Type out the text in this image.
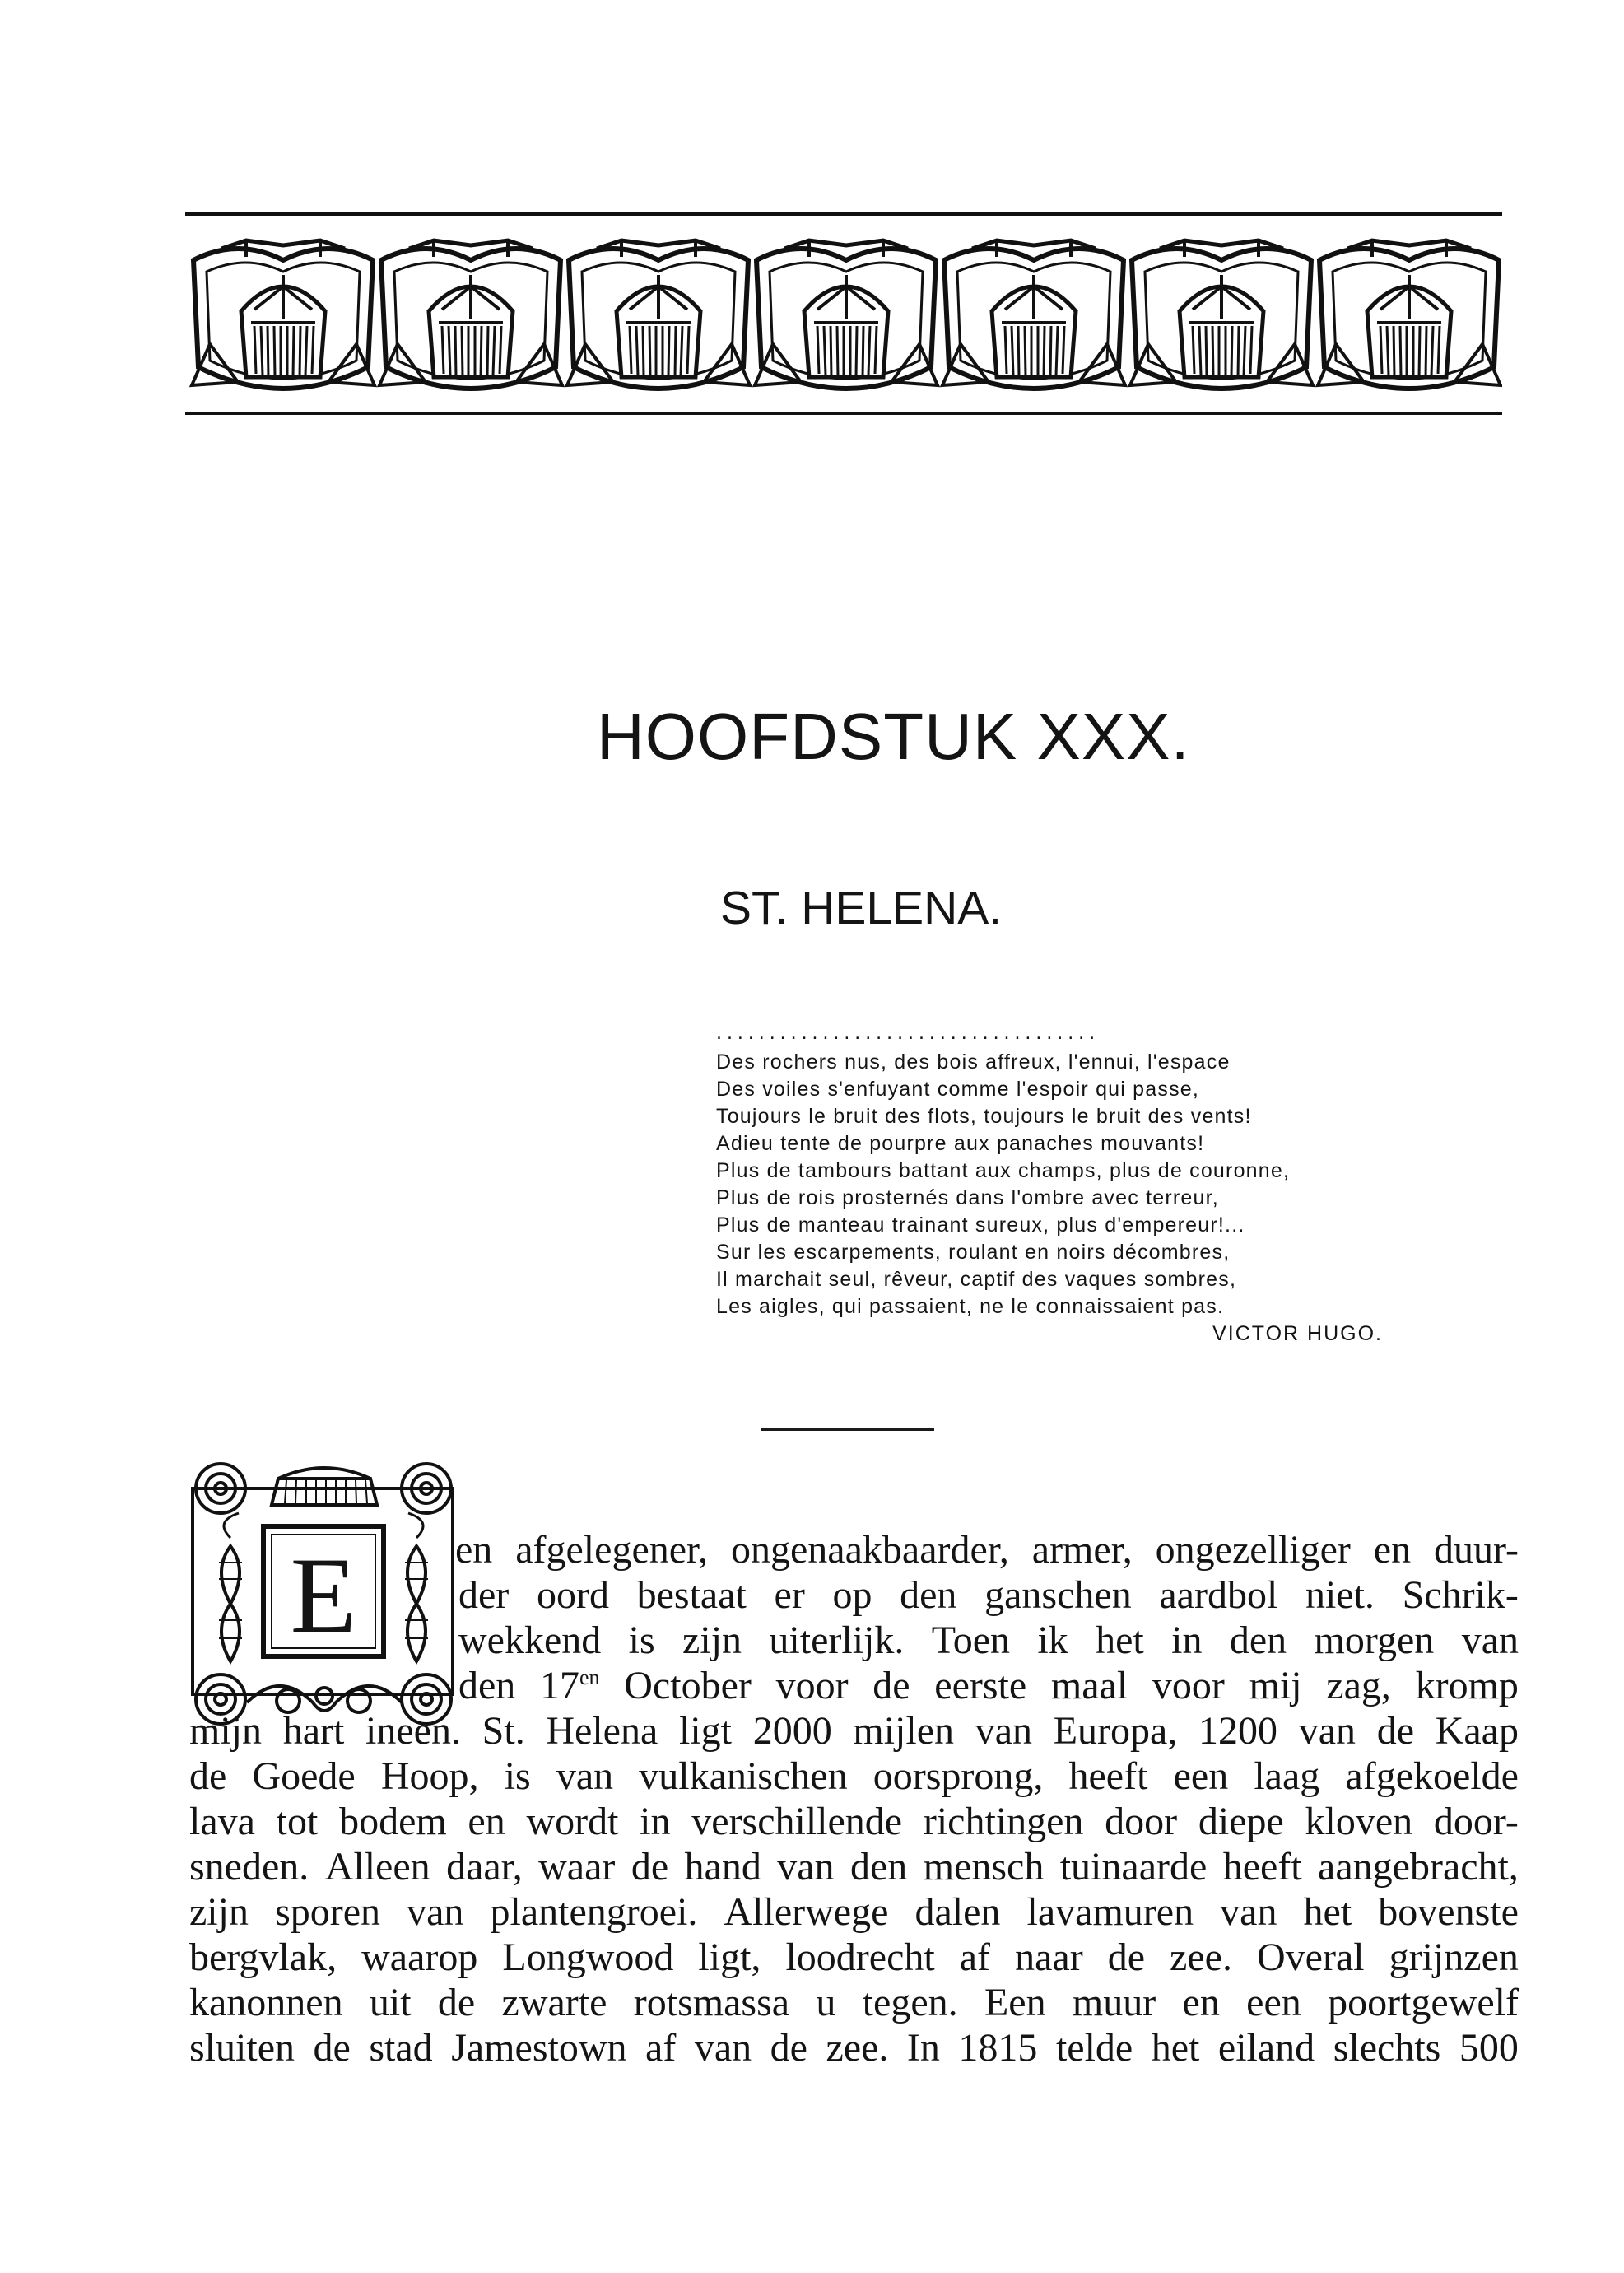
HOOFDSTUK XXX.
ST. HELENA.
....................................
Des rochers nus, des bois affreux, l'ennui, l'espace
Des voiles s'enfuyant comme l'espoir qui passe,
Toujours le bruit des flots, toujours le bruit des vents!
Adieu tente de pourpre aux panaches mouvants!
Plus de tambours battant aux champs, plus de couronne,
Plus de rois prosternés dans l'ombre avec terreur,
Plus de manteau trainant sureux, plus d'empereur!...
Sur les escarpements, roulant en noirs décombres,
Il marchait seul, rêveur, captif des vaques sombres,
Les aigles, qui passaient, ne le connaissaient pas.
VICTOR HUGO.
E	en afgelegener, ongenaakbaarder, armer, ongezelliger en duur-
der oord bestaat er op den ganschen aardbol niet. Schrik-
wekkend is zijn uiterlijk. Toen ik het in den morgen van
den $17^{en}$ October voor de eerste maal voor mij zag, kromp
mijn hart ineen. St. Helena ligt 2000 mijlen van Europa, 1200 van de Kaap
de Goede Hoop, is van vulkanischen oorsprong, heeft een laag afgekoelde
lava tot bodem en wordt in verschillende richtingen door diepe kloven door-
sneden. Alleen daar, waar de hand van den mensch tuinaarde heeft aangebracht,
zijn sporen van plantengroei. Allerwege dalen lavamuren van het bovenste
bergvlak, waarop Longwood ligt, loodrecht af naar de zee. Overal grijnzen
kanonnen uit de zwarte rotsmassa u tegen. Een muur en een poortgewelf
sluiten de stad Jamestown af van de zee. In 1815 telde het eiland slechts 500
